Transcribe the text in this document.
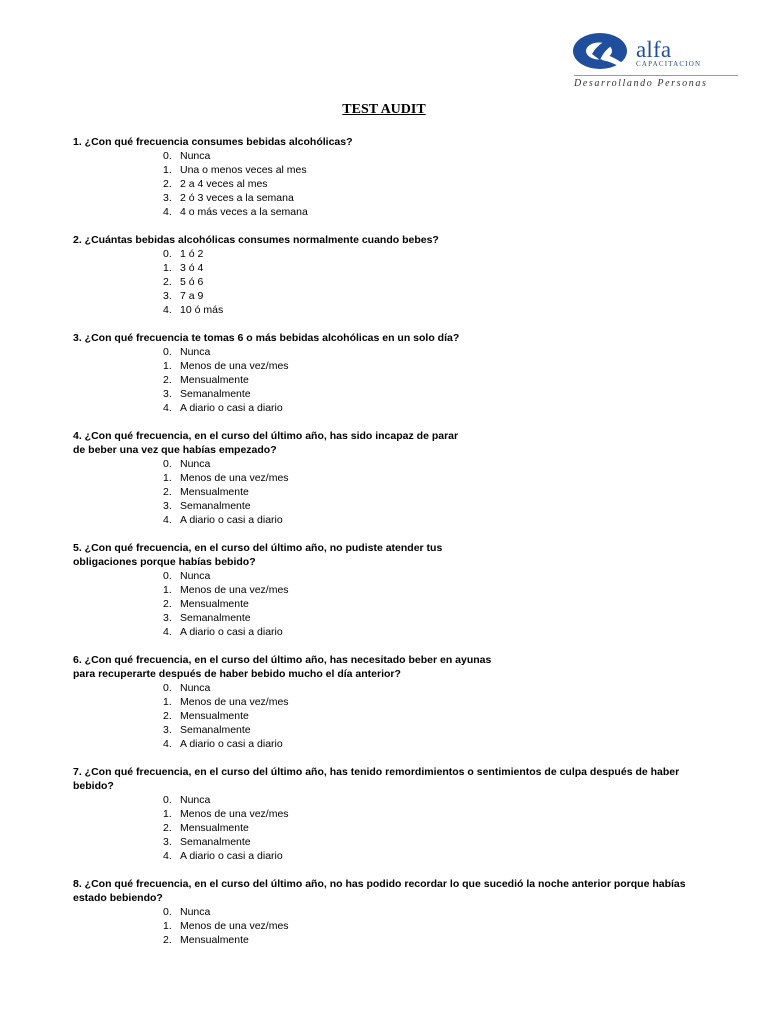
alfa
CAPACITACION
Desarrollando Personas
TEST AUDIT
1. ¿Con qué frecuencia consumes bebidas alcohólicas?
0. Nunca
1. Una o menos veces al mes
2. 2 a 4 veces al mes
3. 2 ó 3 veces a la semana
4. 4 o más veces a la semana
2. ¿Cuántas bebidas alcohólicas consumes normalmente cuando bebes?
0. 1 ó 2
1. 3 ó 4
2. 5 ó 6
3. 7 a 9
4. 10 ó más
3. ¿Con qué frecuencia te tomas 6 o más bebidas alcohólicas en un solo día?
0. Nunca
1. Menos de una vez/mes
2. Mensualmente
3. Semanalmente
4. A diario o casi a diario
4. ¿Con qué frecuencia, en el curso del último año, has sido incapaz de parar
de beber una vez que habías empezado?
0. Nunca
1. Menos de una vez/mes
2. Mensualmente
3. Semanalmente
4. A diario o casi a diario
5. ¿Con qué frecuencia, en el curso del último año, no pudiste atender tus
obligaciones porque habías bebido?
0. Nunca
1. Menos de una vez/mes
2. Mensualmente
3. Semanalmente
4. A diario o casi a diario
6. ¿Con qué frecuencia, en el curso del último año, has necesitado beber en ayunas
para recuperarte después de haber bebido mucho el día anterior?
0. Nunca
1. Menos de una vez/mes
2. Mensualmente
3. Semanalmente
4. A diario o casi a diario
7. ¿Con qué frecuencia, en el curso del último año, has tenido remordimientos o sentimientos de culpa después de haber
bebido?
0. Nunca
1. Menos de una vez/mes
2. Mensualmente
3. Semanalmente
4. A diario o casi a diario
8. ¿Con qué frecuencia, en el curso del último año, no has podido recordar lo que sucedió la noche anterior porque habías
estado bebiendo?
0. Nunca
1. Menos de una vez/mes
2. Mensualmente
